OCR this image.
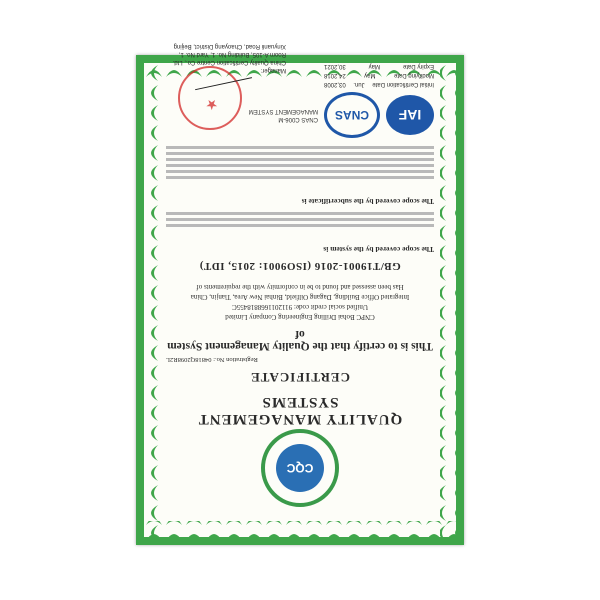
CQC
QUALITY MANAGEMENT SYSTEMS
CERTIFICATE
Registration No.: 04818Q2098R2L
This is to certify that the Quality Management System of
CNPC Bohai Drilling Engineering Company Limited
Unified social credit code: 9112011668818455C
Integrated Office Building, Dagang Oilfield, Binhai New Area, Tianjin, China
Has been assessed and found to be in conformity with the requirements of
GB/T19001-2016 (ISO9001: 2015, IDT)
The scope covered by the system is
The scope covered by the subcertificate is
IAF
CNAS
CNAS C006-M
MANAGEMENT SYSTEM
Initial Certification Date
Jun.
03,2008
Modifying Date
May
24,2018
Expiry Date
May
30,2021
★
Manager:
China Quality Certification Centre Co., Ltd.
Room A-105, Building No. 1, Yard No. 1,
Xinyuanli Road, Chaoyang District, Beijing
